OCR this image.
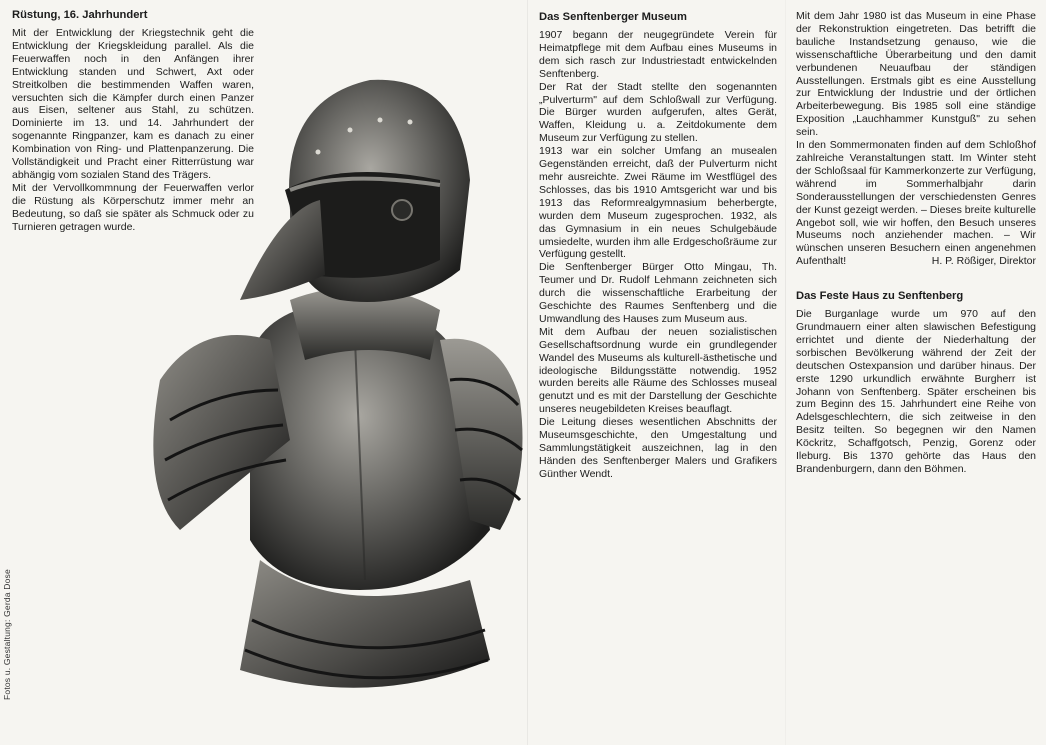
Rüstung, 16. Jahrhundert

Mit der Entwicklung der Kriegstechnik geht die Entwicklung der Kriegskleidung parallel. Als die Feuerwaffen noch in den Anfängen ihrer Entwicklung standen und Schwert, Axt oder Streitkolben die bestimmenden Waffen waren, versuchten sich die Kämpfer durch einen Panzer aus Eisen, seltener aus Stahl, zu schützen. Dominierte im 13. und 14. Jahrhundert der sogenannte Ringpanzer, kam es danach zu einer Kombination von Ring- und Plattenpanzerung. Die Vollständigkeit und Pracht einer Ritterrüstung war abhängig vom sozialen Stand des Trägers.

Mit der Vervollkommnung der Feuerwaffen verlor die Rüstung als Körperschutz immer mehr an Bedeutung, so daß sie später als Schmuck oder zu Turnieren getragen wurde.

Fotos u. Gestaltung: Gerda Dose
Das Senftenberger Museum

1907 begann der neugegründete Verein für Heimatpflege mit dem Aufbau eines Museums in dem sich rasch zur Industriestadt entwickelnden Senftenberg.

Der Rat der Stadt stellte den sogenannten „Pulverturm" auf dem Schloßwall zur Verfügung. Die Bürger wurden aufgerufen, altes Gerät, Waffen, Kleidung u. a. Zeitdokumente dem Museum zur Verfügung zu stellen.

1913 war ein solcher Umfang an musealen Gegenständen erreicht, daß der Pulverturm nicht mehr ausreichte. Zwei Räume im Westflügel des Schlosses, das bis 1910 Amtsgericht war und bis 1913 das Reformrealgymnasium beherbergte, wurden dem Museum zugesprochen. 1932, als das Gymnasium in ein neues Schulgebäude umsiedelte, wurden ihm alle Erdgeschoßräume zur Verfügung gestellt.

Die Senftenberger Bürger Otto Mingau, Th. Teumer und Dr. Rudolf Lehmann zeichneten sich durch die wissenschaftliche Erarbeitung der Geschichte des Raumes Senftenberg und die Umwandlung des Hauses zum Museum aus.

Mit dem Aufbau der neuen sozialistischen Gesellschaftsordnung wurde ein grundlegender Wandel des Museums als kulturell-ästhetische und ideologische Bildungsstätte notwendig. 1952 wurden bereits alle Räume des Schlosses museal genutzt und es mit der Darstellung der Geschichte unseres neugebildeten Kreises beauflagt.

Die Leitung dieses wesentlichen Abschnitts der Museumsgeschichte, den Umgestaltung und Sammlungstätigkeit auszeichnen, lag in den Händen des Senftenberger Malers und Grafikers Günther Wendt.

Mit dem Jahr 1980 ist das Museum in eine Phase der Rekonstruktion eingetreten. Das betrifft die bauliche Instandsetzung genauso, wie die wissenschaftliche Überarbeitung und den damit verbundenen Neuaufbau der ständigen Ausstellungen. Erstmals gibt es eine Ausstellung zur Entwicklung der Industrie und der örtlichen Arbeiterbewegung. Bis 1985 soll eine ständige Exposition „Lauchhammer Kunstguß" zu sehen sein.

In den Sommermonaten finden auf dem Schloßhof zahlreiche Veranstaltungen statt. Im Winter steht der Schloßsaal für Kammerkonzerte zur Verfügung, während im Sommerhalbjahr darin Sonderausstellungen der verschiedensten Genres der Kunst gezeigt werden. – Dieses breite kulturelle Angebot soll, wie wir hoffen, den Besuch unseres Museums noch anziehender machen. – Wir wünschen unseren Besuchern einen angenehmen Aufenthalt!	H. P. Rößiger, Direktor

Das Feste Haus zu Senftenberg

Die Burganlage wurde um 970 auf den Grundmauern einer alten slawischen Befestigung errichtet und diente der Niederhaltung der sorbischen Bevölkerung während der Zeit der deutschen Ostexpansion und darüber hinaus. Der erste 1290 urkundlich erwähnte Burgherr ist Johann von Senftenberg. Später erscheinen bis zum Beginn des 15. Jahrhundert eine Reihe von Adelsgeschlechtern, die sich zeitweise in den Besitz teilten. So begegnen wir den Namen Köckritz, Schaffgotsch, Penzig, Gorenz oder Ileburg. Bis 1370 gehörte das Haus den Brandenburgern, dann den Böhmen.
